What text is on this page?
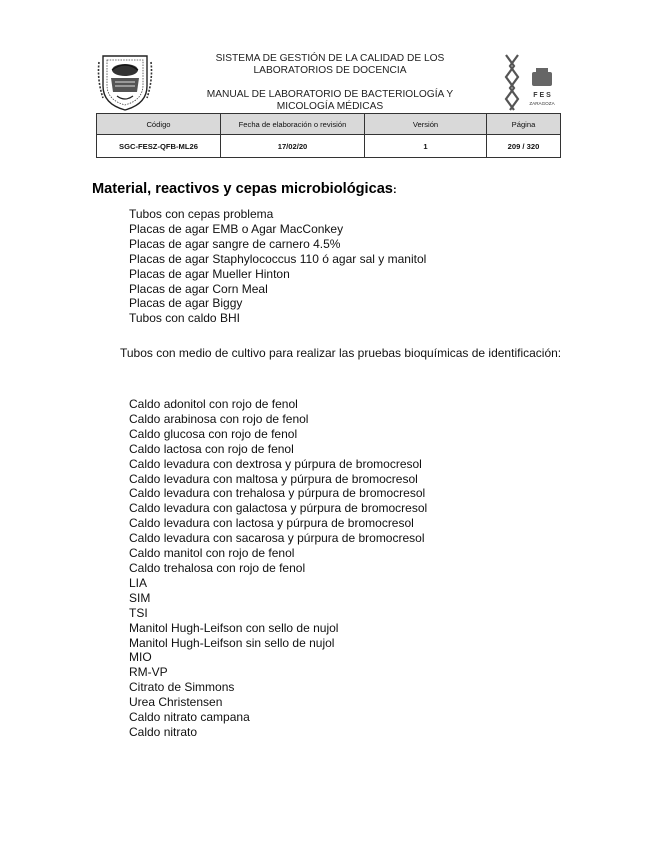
SISTEMA DE GESTIÓN DE LA CALIDAD DE LOS
LABORATORIOS DE DOCENCIA
MANUAL DE LABORATORIO DE BACTERIOLOGÍA Y
MICOLOGÍA MÉDICAS
F E S
ZARAGOZA
Código	Fecha de elaboración o revisión	Versión	Página
SGC-FESZ-QFB-ML26	17/02/20	1	209 / 320
Material, reactivos y cepas microbiológicas:
Tubos con cepas problema
Placas de agar EMB o Agar MacConkey
Placas de agar sangre de carnero 4.5%
Placas de agar Staphylococcus 110 ó agar sal y manitol
Placas de agar Mueller Hinton
Placas de agar Corn Meal
Placas de agar Biggy
Tubos con caldo BHI
Tubos con medio de cultivo para realizar las pruebas bioquímicas de identificación:
Caldo adonitol con rojo de fenol
Caldo arabinosa con rojo de fenol
Caldo glucosa con rojo de fenol
Caldo lactosa con rojo de fenol
Caldo levadura con dextrosa y púrpura de bromocresol
Caldo levadura con maltosa y púrpura de bromocresol
Caldo levadura con trehalosa y púrpura de bromocresol
Caldo levadura con galactosa y púrpura de bromocresol
Caldo levadura con lactosa y púrpura de bromocresol
Caldo levadura con sacarosa y púrpura de bromocresol
Caldo manitol con rojo de fenol
Caldo trehalosa con rojo de fenol
LIA
SIM
TSI
Manitol Hugh-Leifson con sello de nujol
Manitol Hugh-Leifson sin sello de nujol
MIO
RM-VP
Citrato de Simmons
Urea Christensen
Caldo nitrato campana
Caldo nitrato
